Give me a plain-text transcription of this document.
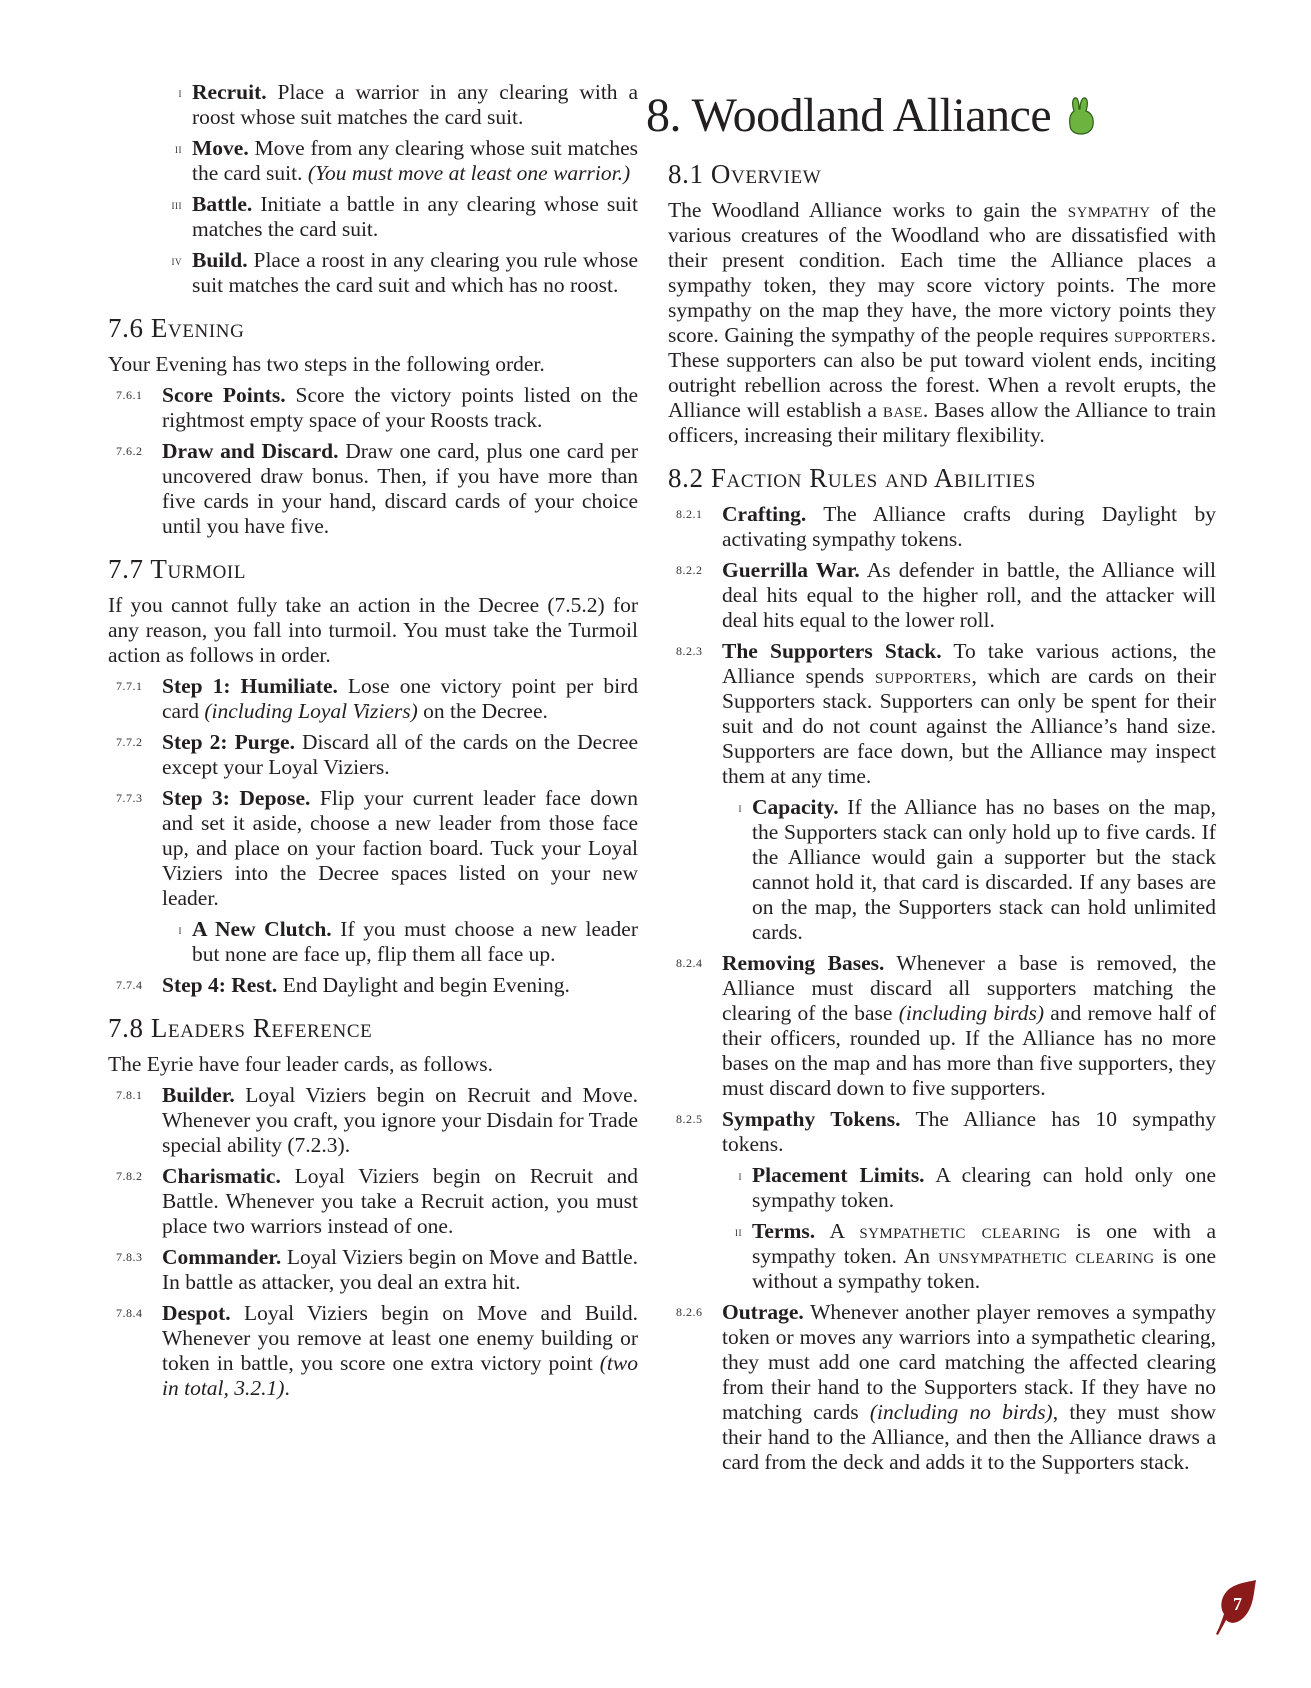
i Recruit. Place a warrior in any clearing with a roost whose suit matches the card suit.
ii Move. Move from any clearing whose suit matches the card suit. (You must move at least one warrior.)
iii Battle. Initiate a battle in any clearing whose suit matches the card suit.
iv Build. Place a roost in any clearing you rule whose suit matches the card suit and which has no roost.
7.6 Evening

Your Evening has two steps in the following order.

7.6.1 Score Points. Score the victory points listed on the rightmost empty space of your Roosts track.
7.6.2 Draw and Discard. Draw one card, plus one card per uncovered draw bonus. Then, if you have more than five cards in your hand, discard cards of your choice until you have five.
7.7 Turmoil

If you cannot fully take an action in the Decree (7.5.2) for any reason, you fall into turmoil. You must take the Turmoil action as follows in order.

7.7.1 Step 1: Humiliate. Lose one victory point per bird card (including Loyal Viziers) on the Decree.
7.7.2 Step 2: Purge. Discard all of the cards on the Decree except your Loyal Viziers.
7.7.3 Step 3: Depose. Flip your current leader face down and set it aside, choose a new leader from those face up, and place on your faction board. Tuck your Loyal Viziers into the Decree spaces listed on your new leader.
i A New Clutch. If you must choose a new leader but none are face up, flip them all face up.
7.7.4 Step 4: Rest. End Daylight and begin Evening.
7.8 Leaders Reference

The Eyrie have four leader cards, as follows.

7.8.1 Builder. Loyal Viziers begin on Recruit and Move. Whenever you craft, you ignore your Disdain for Trade special ability (7.2.3).
7.8.2 Charismatic. Loyal Viziers begin on Recruit and Battle. Whenever you take a Recruit action, you must place two warriors instead of one.
7.8.3 Commander. Loyal Viziers begin on Move and Battle. In battle as attacker, you deal an extra hit.
7.8.4 Despot. Loyal Viziers begin on Move and Build. Whenever you remove at least one enemy building or token in battle, you score one extra victory point (two in total, 3.2.1).
8. Woodland Alliance
8.1 Overview

The Woodland Alliance works to gain the sympathy of the various creatures of the Woodland who are dissatisfied with their present condition. Each time the Alliance places a sympathy token, they may score victory points. The more sympathy on the map they have, the more victory points they score. Gaining the sympathy of the people requires supporters. These supporters can also be put toward violent ends, inciting outright rebellion across the forest. When a revolt erupts, the Alliance will establish a base. Bases allow the Alliance to train officers, increasing their military flexibility.

8.2 Faction Rules and Abilities
8.2.1 Crafting. The Alliance crafts during Daylight by activating sympathy tokens.
8.2.2 Guerrilla War. As defender in battle, the Alliance will deal hits equal to the higher roll, and the attacker will deal hits equal to the lower roll.
8.2.3 The Supporters Stack. To take various actions, the Alliance spends supporters, which are cards on their Supporters stack. Supporters can only be spent for their suit and do not count against the Alliance’s hand size. Supporters are face down, but the Alliance may inspect them at any time.
i Capacity. If the Alliance has no bases on the map, the Supporters stack can only hold up to five cards. If the Alliance would gain a supporter but the stack cannot hold it, that card is discarded. If any bases are on the map, the Supporters stack can hold unlimited cards.
8.2.4 Removing Bases. Whenever a base is removed, the Alliance must discard all supporters matching the clearing of the base (including birds) and remove half of their officers, rounded up. If the Alliance has no more bases on the map and has more than five supporters, they must discard down to five supporters.
8.2.5 Sympathy Tokens. The Alliance has 10 sympathy tokens.
i Placement Limits. A clearing can hold only one sympathy token.
ii Terms. A sympathetic clearing is one with a sympathy token. An unsympathetic clearing is one without a sympathy token.
8.2.6 Outrage. Whenever another player removes a sympathy token or moves any warriors into a sympathetic clearing, they must add one card matching the affected clearing from their hand to the Supporters stack. If they have no matching cards (including no birds), they must show their hand to the Alliance, and then the Alliance draws a card from the deck and adds it to the Supporters stack.
7
